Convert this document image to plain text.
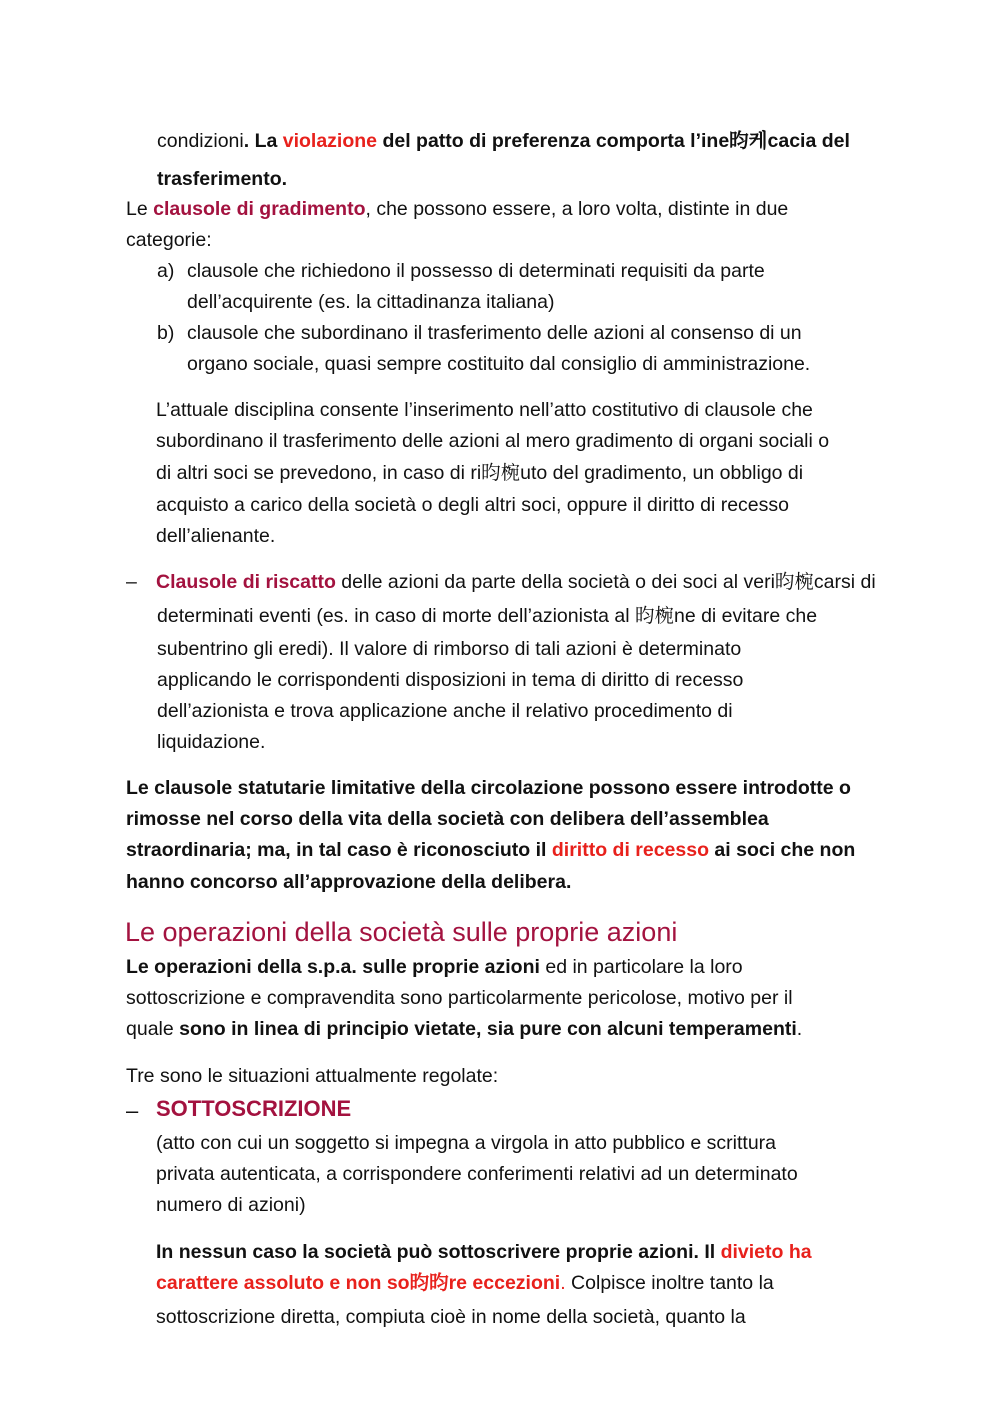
condizioni. La violazione del patto di preferenza comporta l’ine昀케cacia del
trasferimento.
Le clausole di gradimento, che possono essere, a loro volta, distinte in due
categorie:
a) clausole che richiedono il possesso di determinati requisiti da parte
dell’acquirente (es. la cittadinanza italiana)
b) clausole che subordinano il trasferimento delle azioni al consenso di un
organo sociale, quasi sempre costituito dal consiglio di amministrazione.
L’attuale disciplina consente l’inserimento nell’atto costitutivo di clausole che
subordinano il trasferimento delle azioni al mero gradimento di organi sociali o
di altri soci se prevedono, in caso di ri昀椀uto del gradimento, un obbligo di
acquisto a carico della società o degli altri soci, oppure il diritto di recesso
dell’alienante.
– Clausole di riscatto delle azioni da parte della società o dei soci al veri昀椀carsi di
determinati eventi (es. in caso di morte dell’azionista al 昀椀ne di evitare che
subentrino gli eredi). Il valore di rimborso di tali azioni è determinato
applicando le corrispondenti disposizioni in tema di diritto di recesso
dell’azionista e trova applicazione anche il relativo procedimento di
liquidazione.
Le clausole statutarie limitative della circolazione possono essere introdotte o
rimosse nel corso della vita della società con delibera dell’assemblea
straordinaria; ma, in tal caso è riconosciuto il diritto di recesso ai soci che non
hanno concorso all’approvazione della delibera.
Le operazioni della società sulle proprie azioni
Le operazioni della s.p.a. sulle proprie azioni ed in particolare la loro
sottoscrizione e compravendita sono particolarmente pericolose, motivo per il
quale sono in linea di principio vietate, sia pure con alcuni temperamenti.
Tre sono le situazioni attualmente regolate:
– SOTTOSCRIZIONE
(atto con cui un soggetto si impegna a virgola in atto pubblico e scrittura
privata autenticata, a corrispondere conferimenti relativi ad un determinato
numero di azioni)
In nessun caso la società può sottoscrivere proprie azioni. Il divieto ha
carattere assoluto e non so昀昀re eccezioni. Colpisce inoltre tanto la
sottoscrizione diretta, compiuta cioè in nome della società, quanto la
